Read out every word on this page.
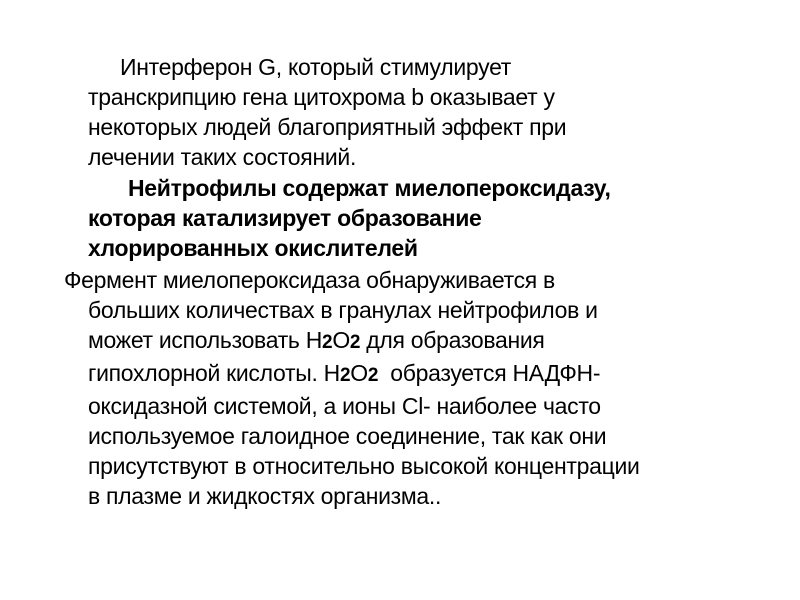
Интерферон G, который стимулирует
транскрипцию гена цитохрома b оказывает у
некоторых людей благоприятный эффект при
лечении таких состояний.

Нейтрофилы содержат миелопероксидазу,
которая катализирует образование
хлорированных окислителей

Фермент миелопероксидаза обнаруживается в
больших количествах в гранулах нейтрофилов и
может использовать H2O2 для образования
гипохлорной кислоты. H2O2  образуется НАДФН-
оксидазной системой, а ионы Cl- наиболее часто
используемое галоидное соединение, так как они
присутствуют в относительно высокой концентрации
в плазме и жидкостях организма..
